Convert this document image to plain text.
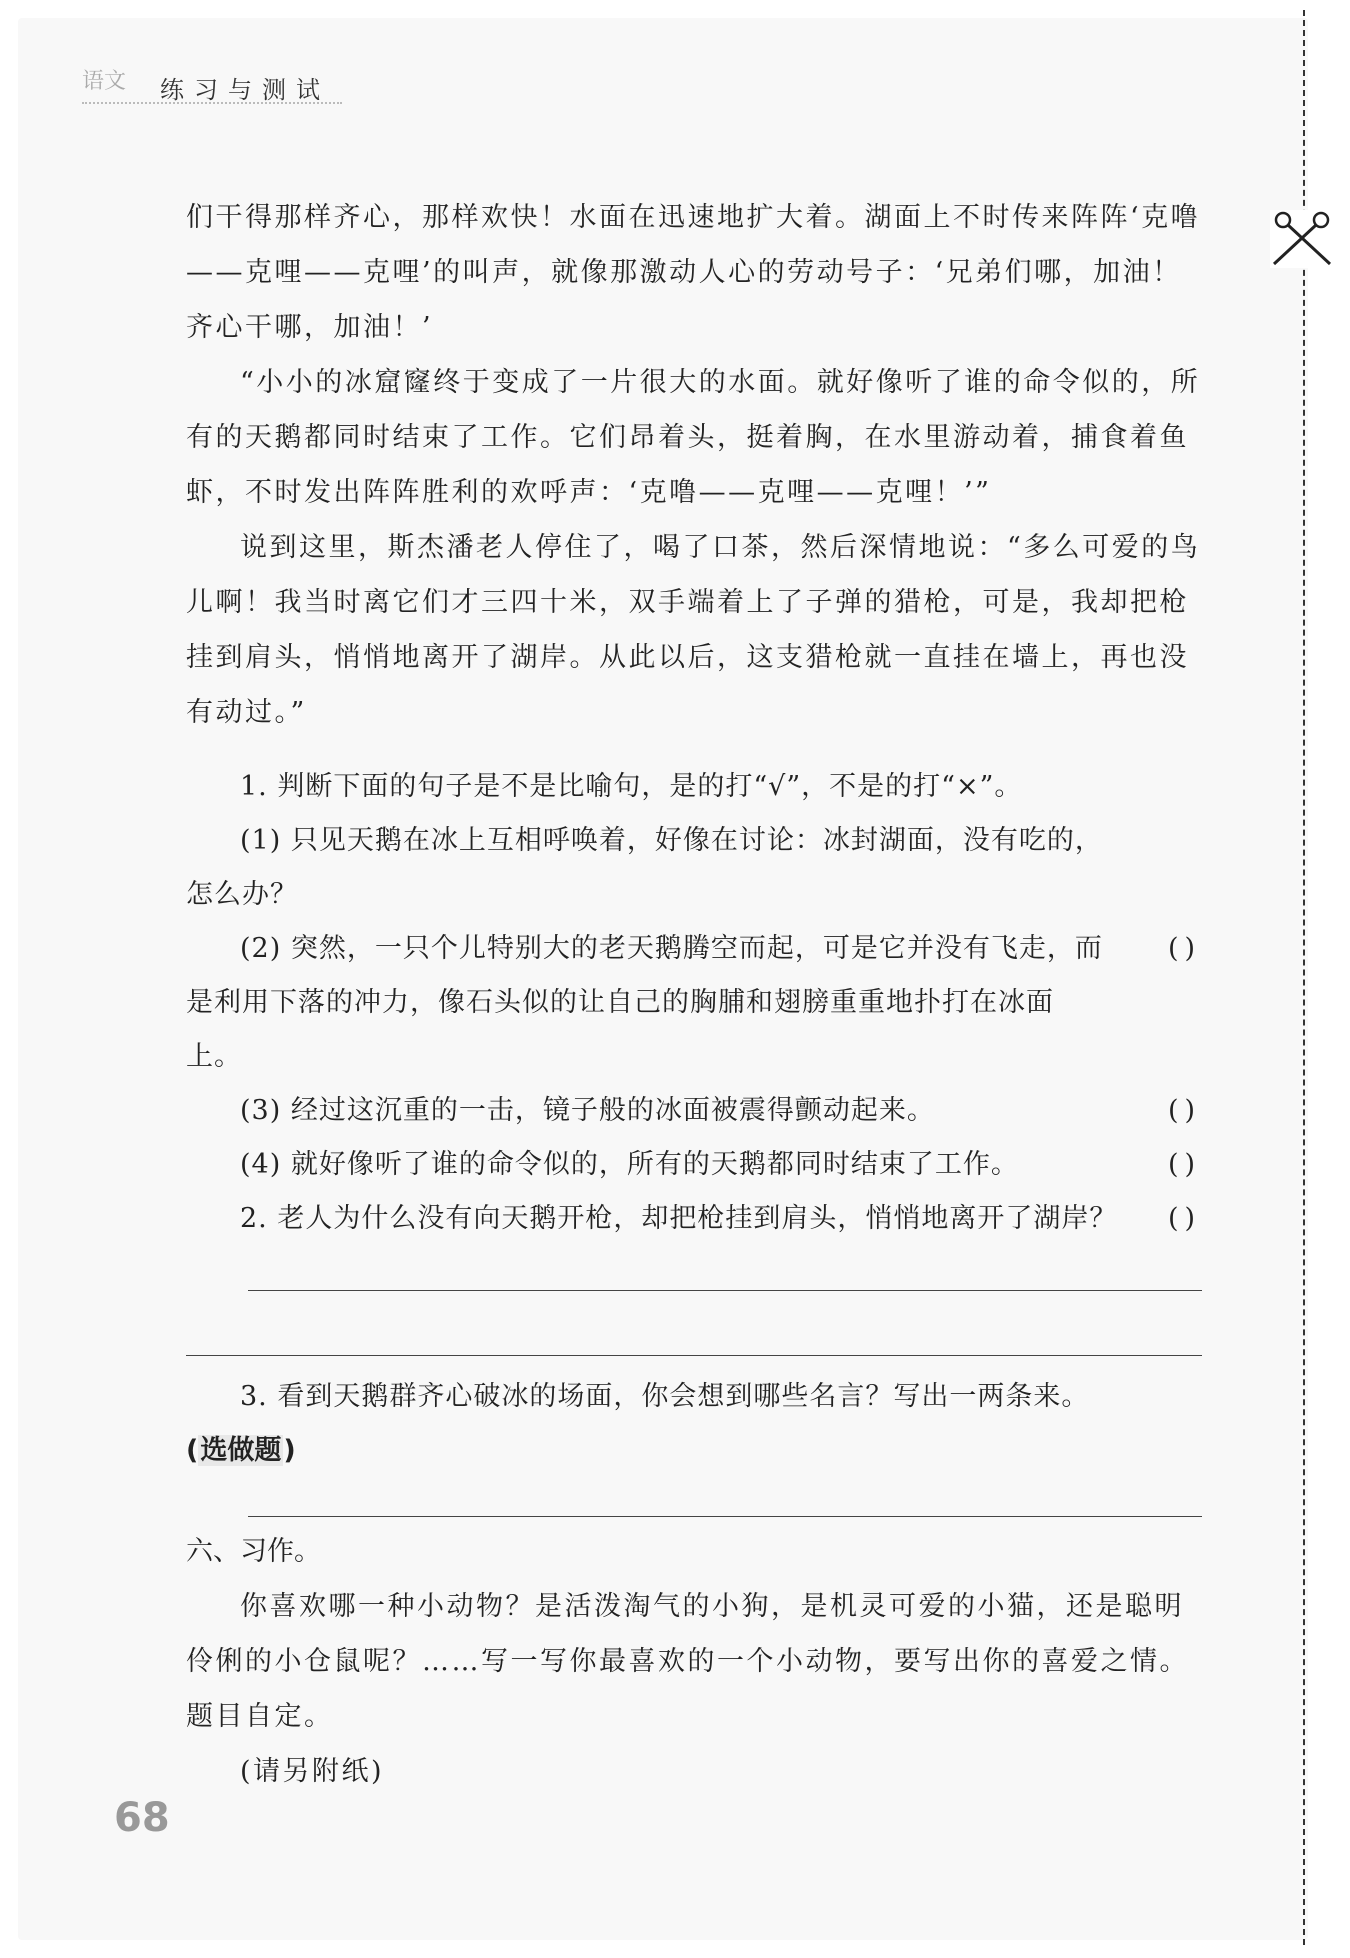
语文 练习与测试

们干得那样齐心，那样欢快！水面在迅速地扩大着。湖面上不时传来阵阵‘克噜——克哩——克哩’的叫声，就像那激动人心的劳动号子：‘兄弟们哪，加油！齐心干哪，加油！’

“小小的冰窟窿终于变成了一片很大的水面。就好像听了谁的命令似的，所有的天鹅都同时结束了工作。它们昂着头，挺着胸，在水里游动着，捕食着鱼虾，不时发出阵阵胜利的欢呼声：‘克噜——克哩——克哩！’”

说到这里，斯杰潘老人停住了，喝了口茶，然后深情地说：“多么可爱的鸟儿啊！我当时离它们才三四十米，双手端着上了子弹的猎枪，可是，我却把枪挂到肩头，悄悄地离开了湖岸。从此以后，这支猎枪就一直挂在墙上，再也没有动过。”

1. 判断下面的句子是不是比喻句，是的打“√”，不是的打“×”。

(1) 只见天鹅在冰上互相呼唤着，好像在讨论：冰封湖面，没有吃的，怎么办？
( )
(2) 突然，一只个儿特别大的老天鹅腾空而起，可是它并没有飞走，而是利用下落的冲力，像石头似的让自己的胸脯和翅膀重重地扑打在冰面上。
( )
(3) 经过这沉重的一击，镜子般的冰面被震得颤动起来。
( )
(4) 就好像听了谁的命令似的，所有的天鹅都同时结束了工作。
( )

2. 老人为什么没有向天鹅开枪，却把枪挂到肩头，悄悄地离开了湖岸？

3. 看到天鹅群齐心破冰的场面，你会想到哪些名言？写出一两条来。

(选做题)

六、习作。

你喜欢哪一种小动物？是活泼淘气的小狗，是机灵可爱的小猫，还是聪明伶俐的小仓鼠呢？……写一写你最喜欢的一个小动物，要写出你的喜爱之情。题目自定。

(请另附纸)

68
